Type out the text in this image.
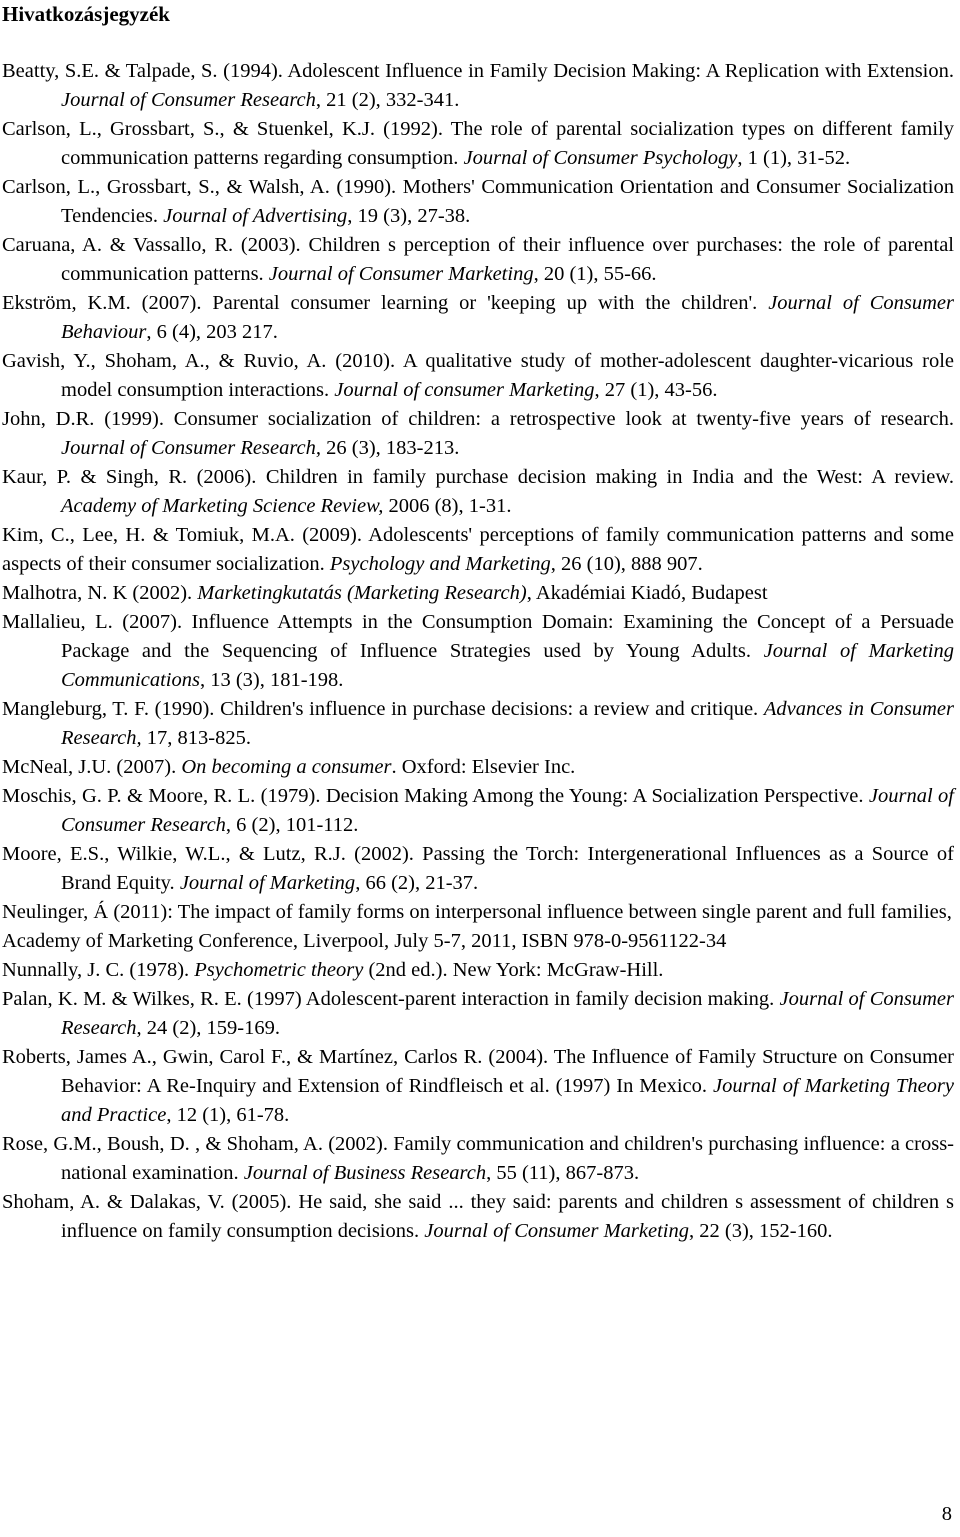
Hivatkozásjegyzék
Beatty, S.E. & Talpade, S. (1994). Adolescent Influence in Family Decision Making: A Replication with Extension. Journal of Consumer Research, 21 (2), 332-341.
Carlson, L., Grossbart, S., & Stuenkel, K.J. (1992). The role of parental socialization types on different family communication patterns regarding consumption. Journal of Consumer Psychology, 1 (1), 31-52.
Carlson, L., Grossbart, S., & Walsh, A. (1990). Mothers' Communication Orientation and Consumer Socialization Tendencies. Journal of Advertising, 19 (3), 27-38.
Caruana, A. & Vassallo, R. (2003). Children s perception of their influence over purchases: the role of parental communication patterns. Journal of Consumer Marketing, 20 (1), 55-66.
Ekström, K.M. (2007). Parental consumer learning or 'keeping up with the children'. Journal of Consumer Behaviour, 6 (4), 203 217.
Gavish, Y., Shoham, A., & Ruvio, A. (2010). A qualitative study of mother-adolescent daughter-vicarious role model consumption interactions. Journal of consumer Marketing, 27 (1), 43-56.
John, D.R. (1999). Consumer socialization of children: a retrospective look at twenty-five years of research. Journal of Consumer Research, 26 (3), 183-213.
Kaur, P. & Singh, R. (2006). Children in family purchase decision making in India and the West: A review. Academy of Marketing Science Review, 2006 (8), 1-31.
Kim, C., Lee, H. & Tomiuk, M.A. (2009). Adolescents' perceptions of family communication patterns and some aspects of their consumer socialization. Psychology and Marketing, 26 (10), 888 907.
Malhotra, N. K (2002). Marketingkutatás (Marketing Research), Akadémiai Kiadó, Budapest
Mallalieu, L. (2007). Influence Attempts in the Consumption Domain: Examining the Concept of a Persuade Package and the Sequencing of Influence Strategies used by Young Adults. Journal of Marketing Communications, 13 (3), 181-198.
Mangleburg, T. F. (1990). Children's influence in purchase decisions: a review and critique. Advances in Consumer Research, 17, 813-825.
McNeal, J.U. (2007). On becoming a consumer. Oxford: Elsevier Inc.
Moschis, G. P. & Moore, R. L. (1979). Decision Making Among the Young: A Socialization Perspective. Journal of Consumer Research, 6 (2), 101-112.
Moore, E.S., Wilkie, W.L., & Lutz, R.J. (2002). Passing the Torch: Intergenerational Influences as a Source of Brand Equity. Journal of Marketing, 66 (2), 21-37.
Neulinger, Á (2011): The impact of family forms on interpersonal influence between single parent and full families, Academy of Marketing Conference, Liverpool, July 5-7, 2011, ISBN 978-0-9561122-34
Nunnally, J. C. (1978). Psychometric theory (2nd ed.). New York: McGraw-Hill.
Palan, K. M. & Wilkes, R. E. (1997) Adolescent-parent interaction in family decision making. Journal of Consumer Research, 24 (2), 159-169.
Roberts, James A., Gwin, Carol F., & Martínez, Carlos R. (2004). The Influence of Family Structure on Consumer Behavior: A Re-Inquiry and Extension of Rindfleisch et al. (1997) In Mexico. Journal of Marketing Theory and Practice, 12 (1), 61-78.
Rose, G.M., Boush, D. , & Shoham, A. (2002). Family communication and children's purchasing influence: a cross-national examination. Journal of Business Research, 55 (11), 867-873.
Shoham, A. & Dalakas, V. (2005). He said, she said ... they said: parents and children s assessment of children s influence on family consumption decisions. Journal of Consumer Marketing, 22 (3), 152-160.
8
